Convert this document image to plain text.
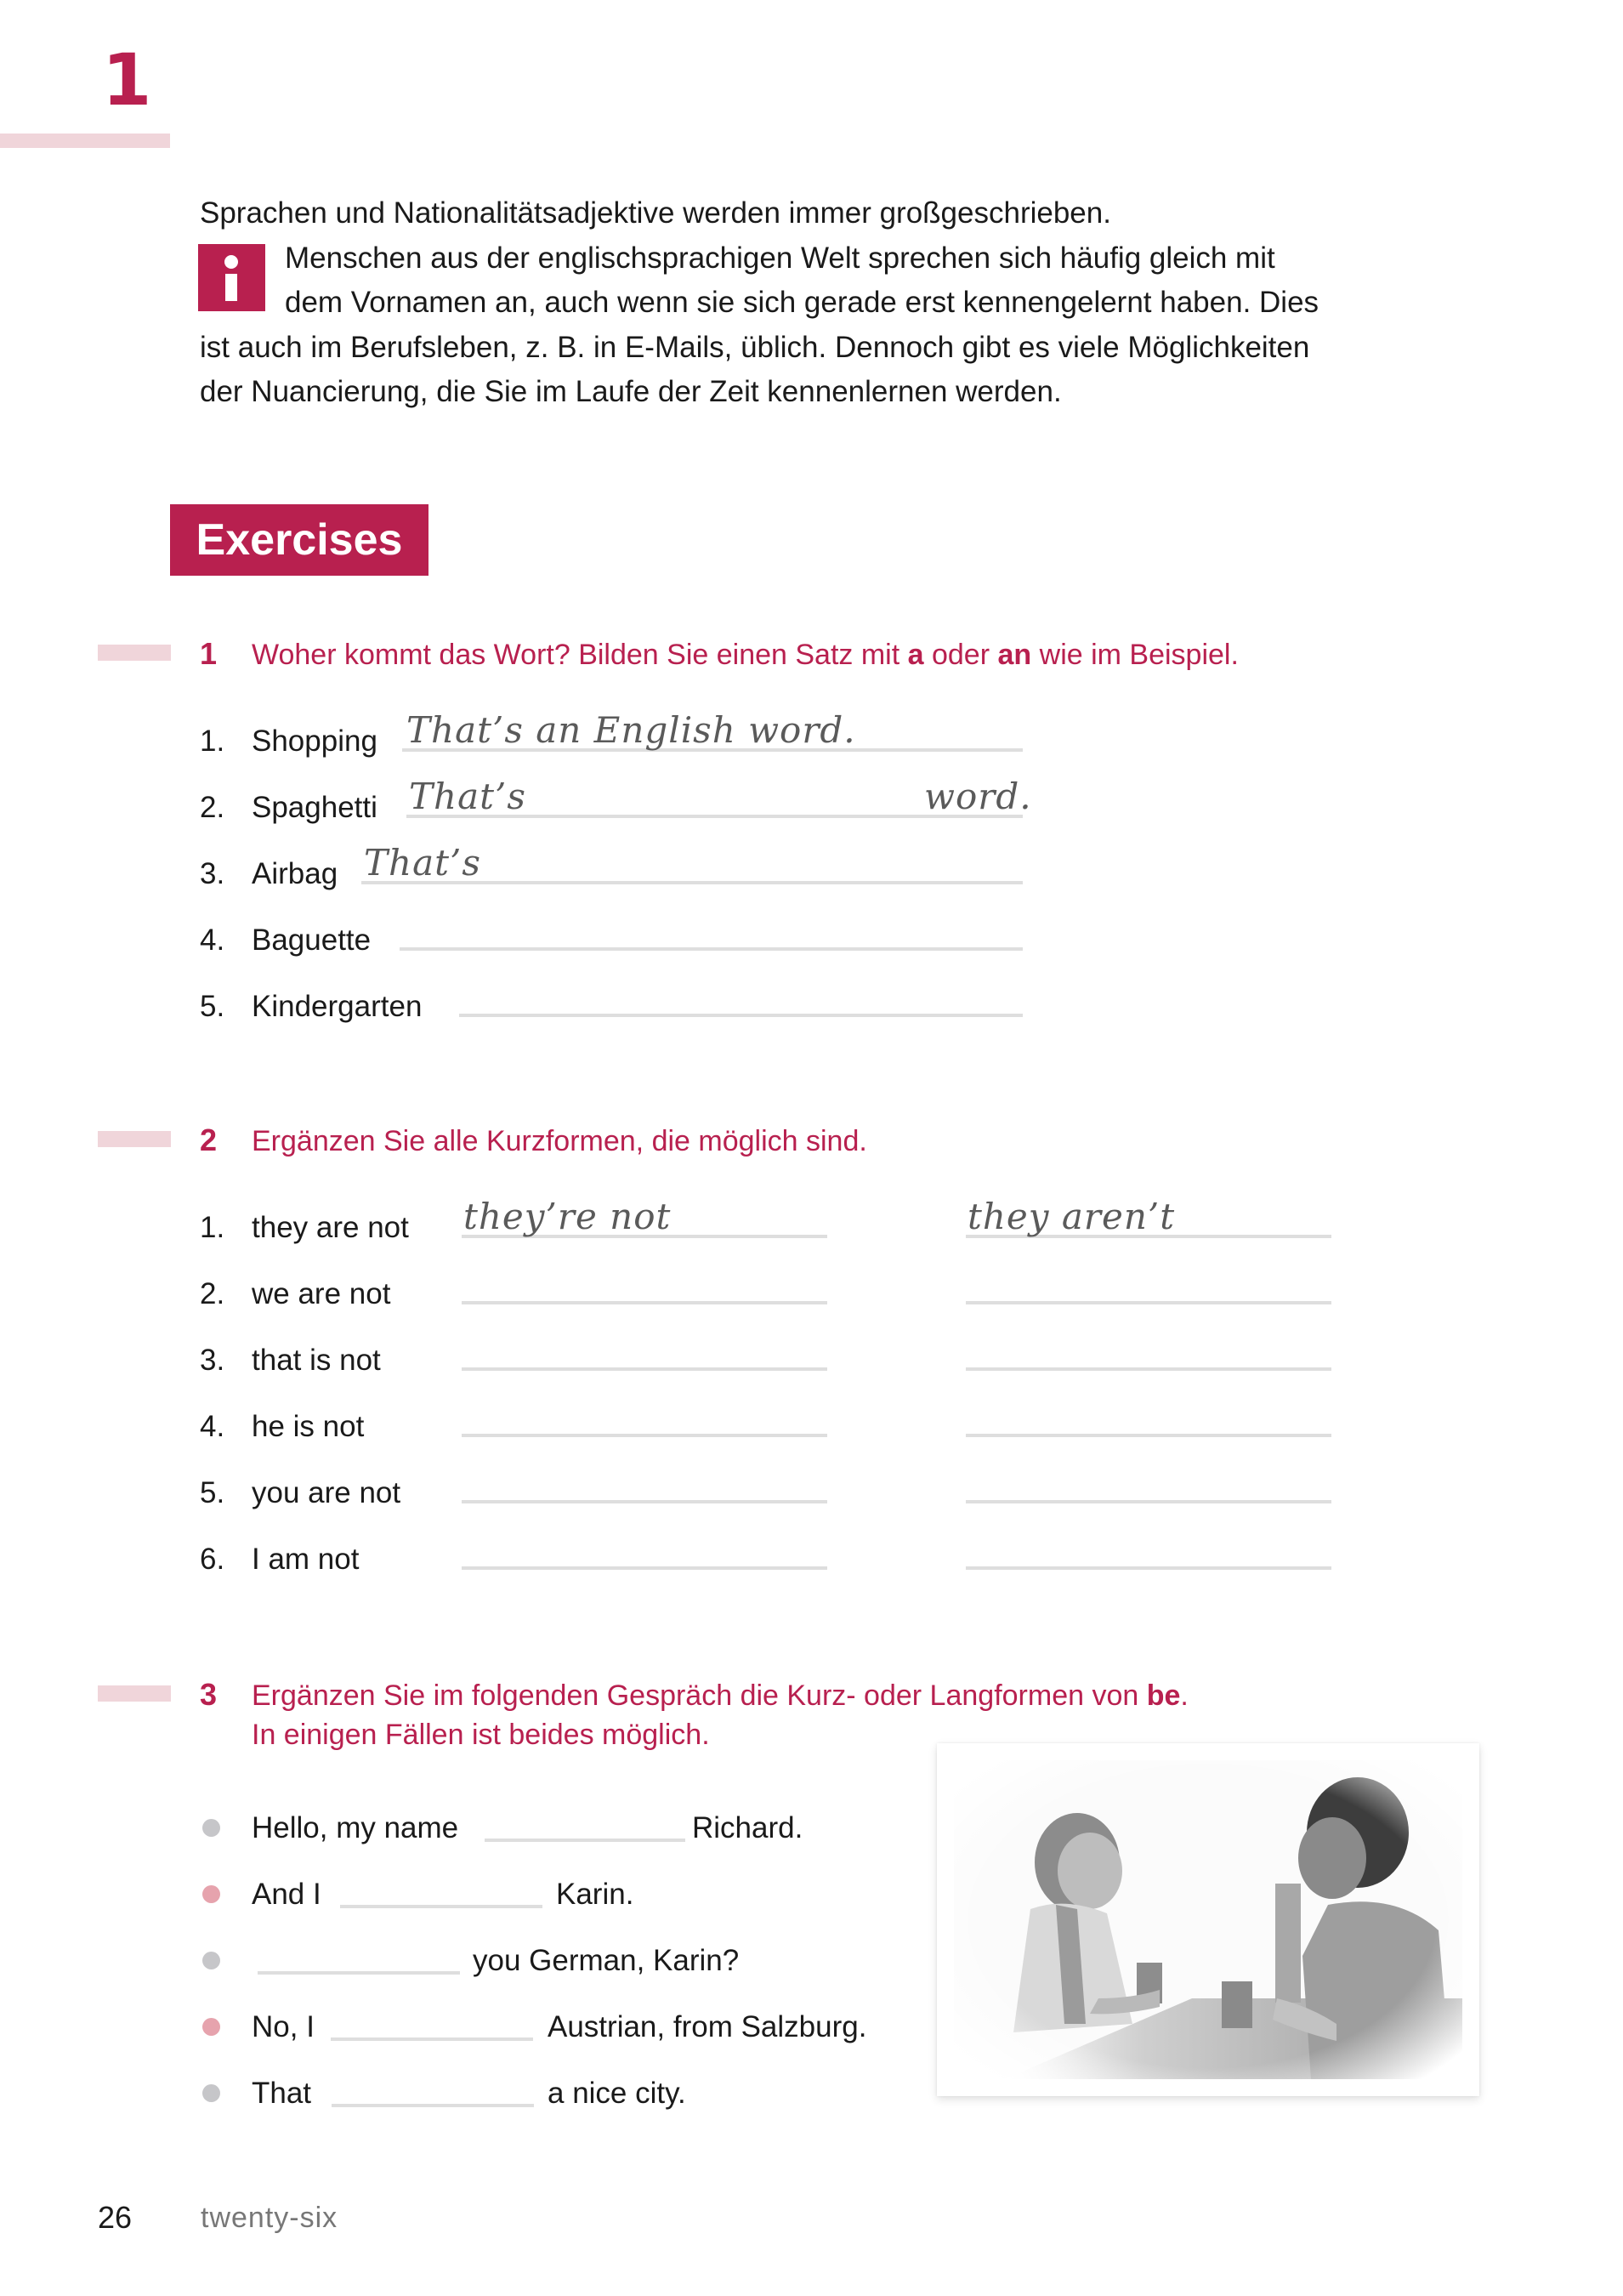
1
Sprachen und Nationalitätsadjektive werden immer großgeschrieben.
Menschen aus der englischsprachigen Welt sprechen sich häufig gleich mit
dem Vornamen an, auch wenn sie sich gerade erst kennengelernt haben. Dies
ist auch im Berufsleben, z. B. in E-Mails, üblich. Dennoch gibt es viele Möglichkeiten
der Nuancierung, die Sie im Laufe der Zeit kennenlernen werden.
Exercises
1 Woher kommt das Wort? Bilden Sie einen Satz mit a oder an wie im Beispiel.
1. Shopping That’s an English word.
2. Spaghetti That’s	word.
3. Airbag That’s
4. Baguette
5. Kindergarten
2 Ergänzen Sie alle Kurzformen, die möglich sind.
1. they are not they’re not	they aren’t
2. we are not
3. that is not
4. he is not
5. you are not
6. I am not
3 Ergänzen Sie im folgenden Gespräch die Kurz- oder Langformen von be.
In einigen Fällen ist beides möglich.
Hello, my name	Richard.
And I	Karin.
you German, Karin?
No, I	Austrian, from Salzburg.
That	a nice city.
26 twenty-six
